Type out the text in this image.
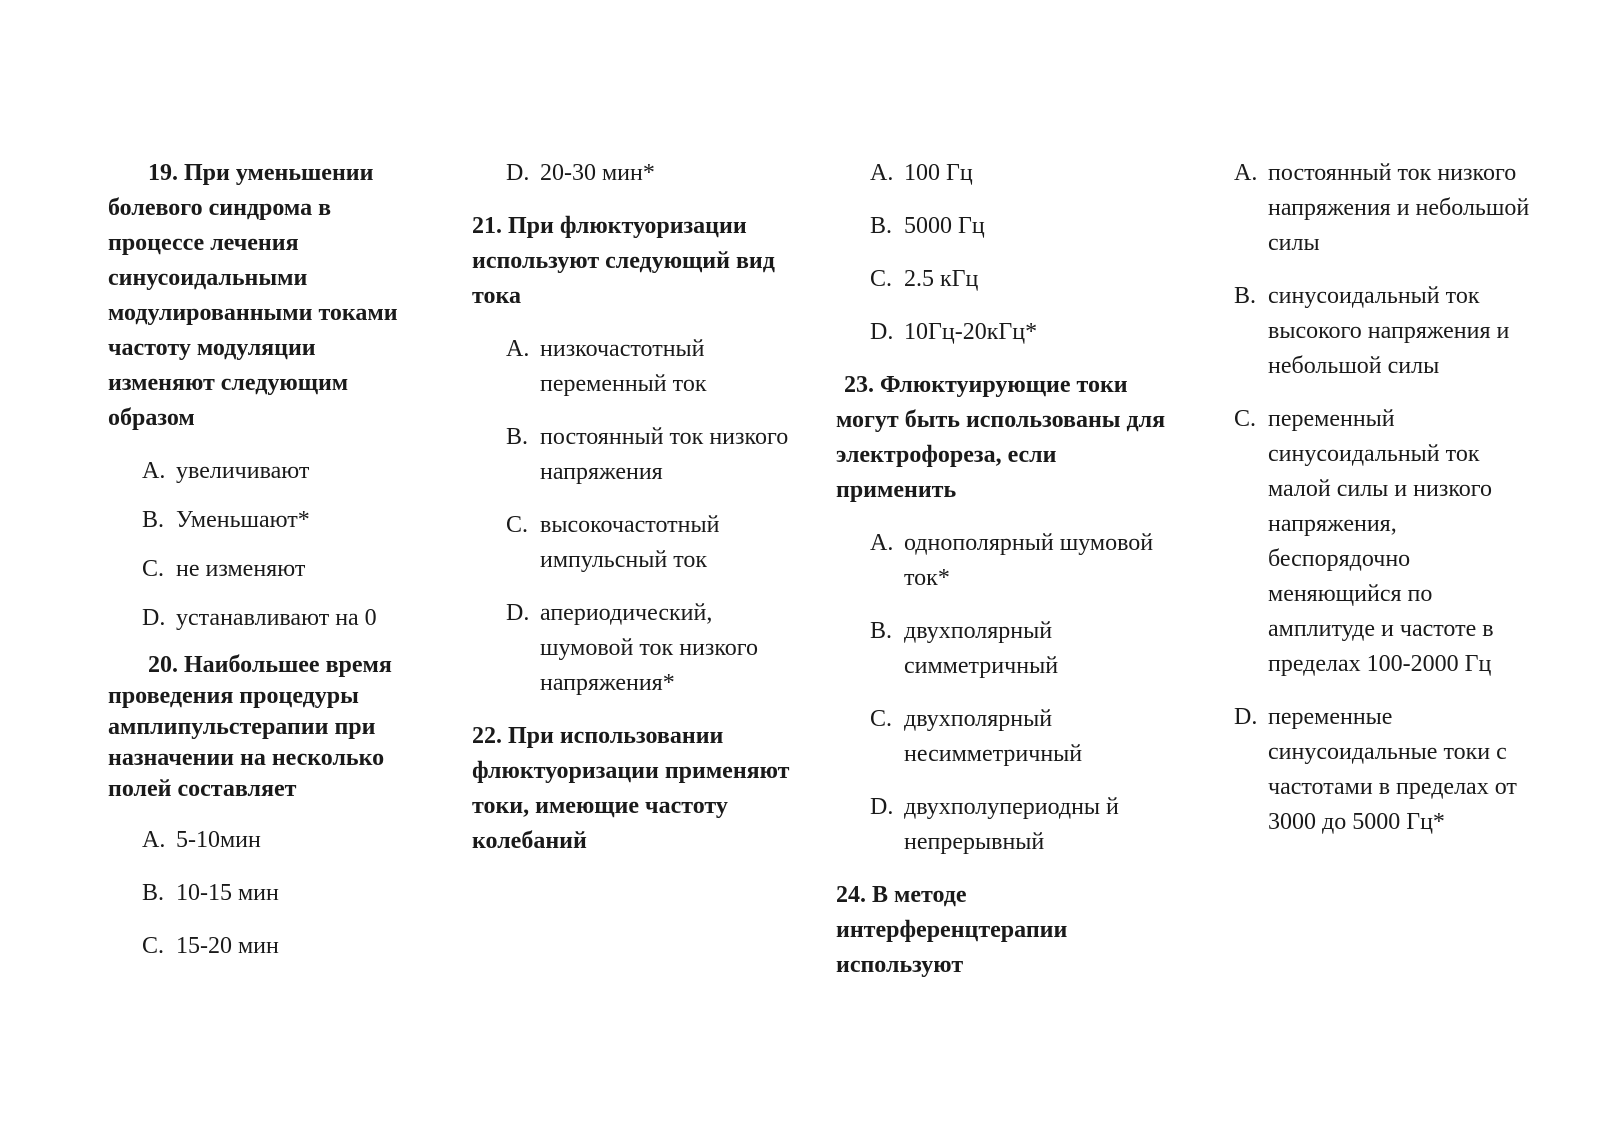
19. При уменьшении болевого синдрома в процессе лечения синусоидальными модулированными токами частоту модуляции изменяют следующим образом
A. увеличивают
B. Уменьшают*
C. не изменяют
D. устанавливают на 0
20. Наибольшее время проведения процедуры амплипульстерапии при назначении на несколько полей составляет
A. 5-10мин
B. 10-15 мин
C. 15-20 мин
D. 20-30 мин*
21. При флюктуоризации используют следующий вид тока
A. низкочастотный переменный ток
B. постоянный ток низкого напряжения
C. высокочастотный импульсный ток
D. апериодический, шумовой ток низкого напряжения*
22. При использовании флюктуоризации применяют токи, имеющие частоту колебаний
A. 100 Гц
B. 5000 Гц
C. 2.5 кГц
D. 10Гц-20кГц*
23. Флюктуирующие токи могут быть использованы для электрофореза, если применить
A. однополярный шумовой ток*
B. двухполярный симметричный
C. двухполярный несимметричный
D. двухполупериодны й непрерывный
24. В методе интерференцтерапии используют
A. постоянный ток низкого напряжения и небольшой силы
B. синусоидальный ток высокого напряжения и небольшой силы
C. переменный синусоидальный ток малой силы и низкого напряжения, беспорядочно меняющийся по амплитуде и частоте в пределах 100-2000 Гц
D. переменные синусоидальные токи с частотами в пределах от 3000 до 5000 Гц*
